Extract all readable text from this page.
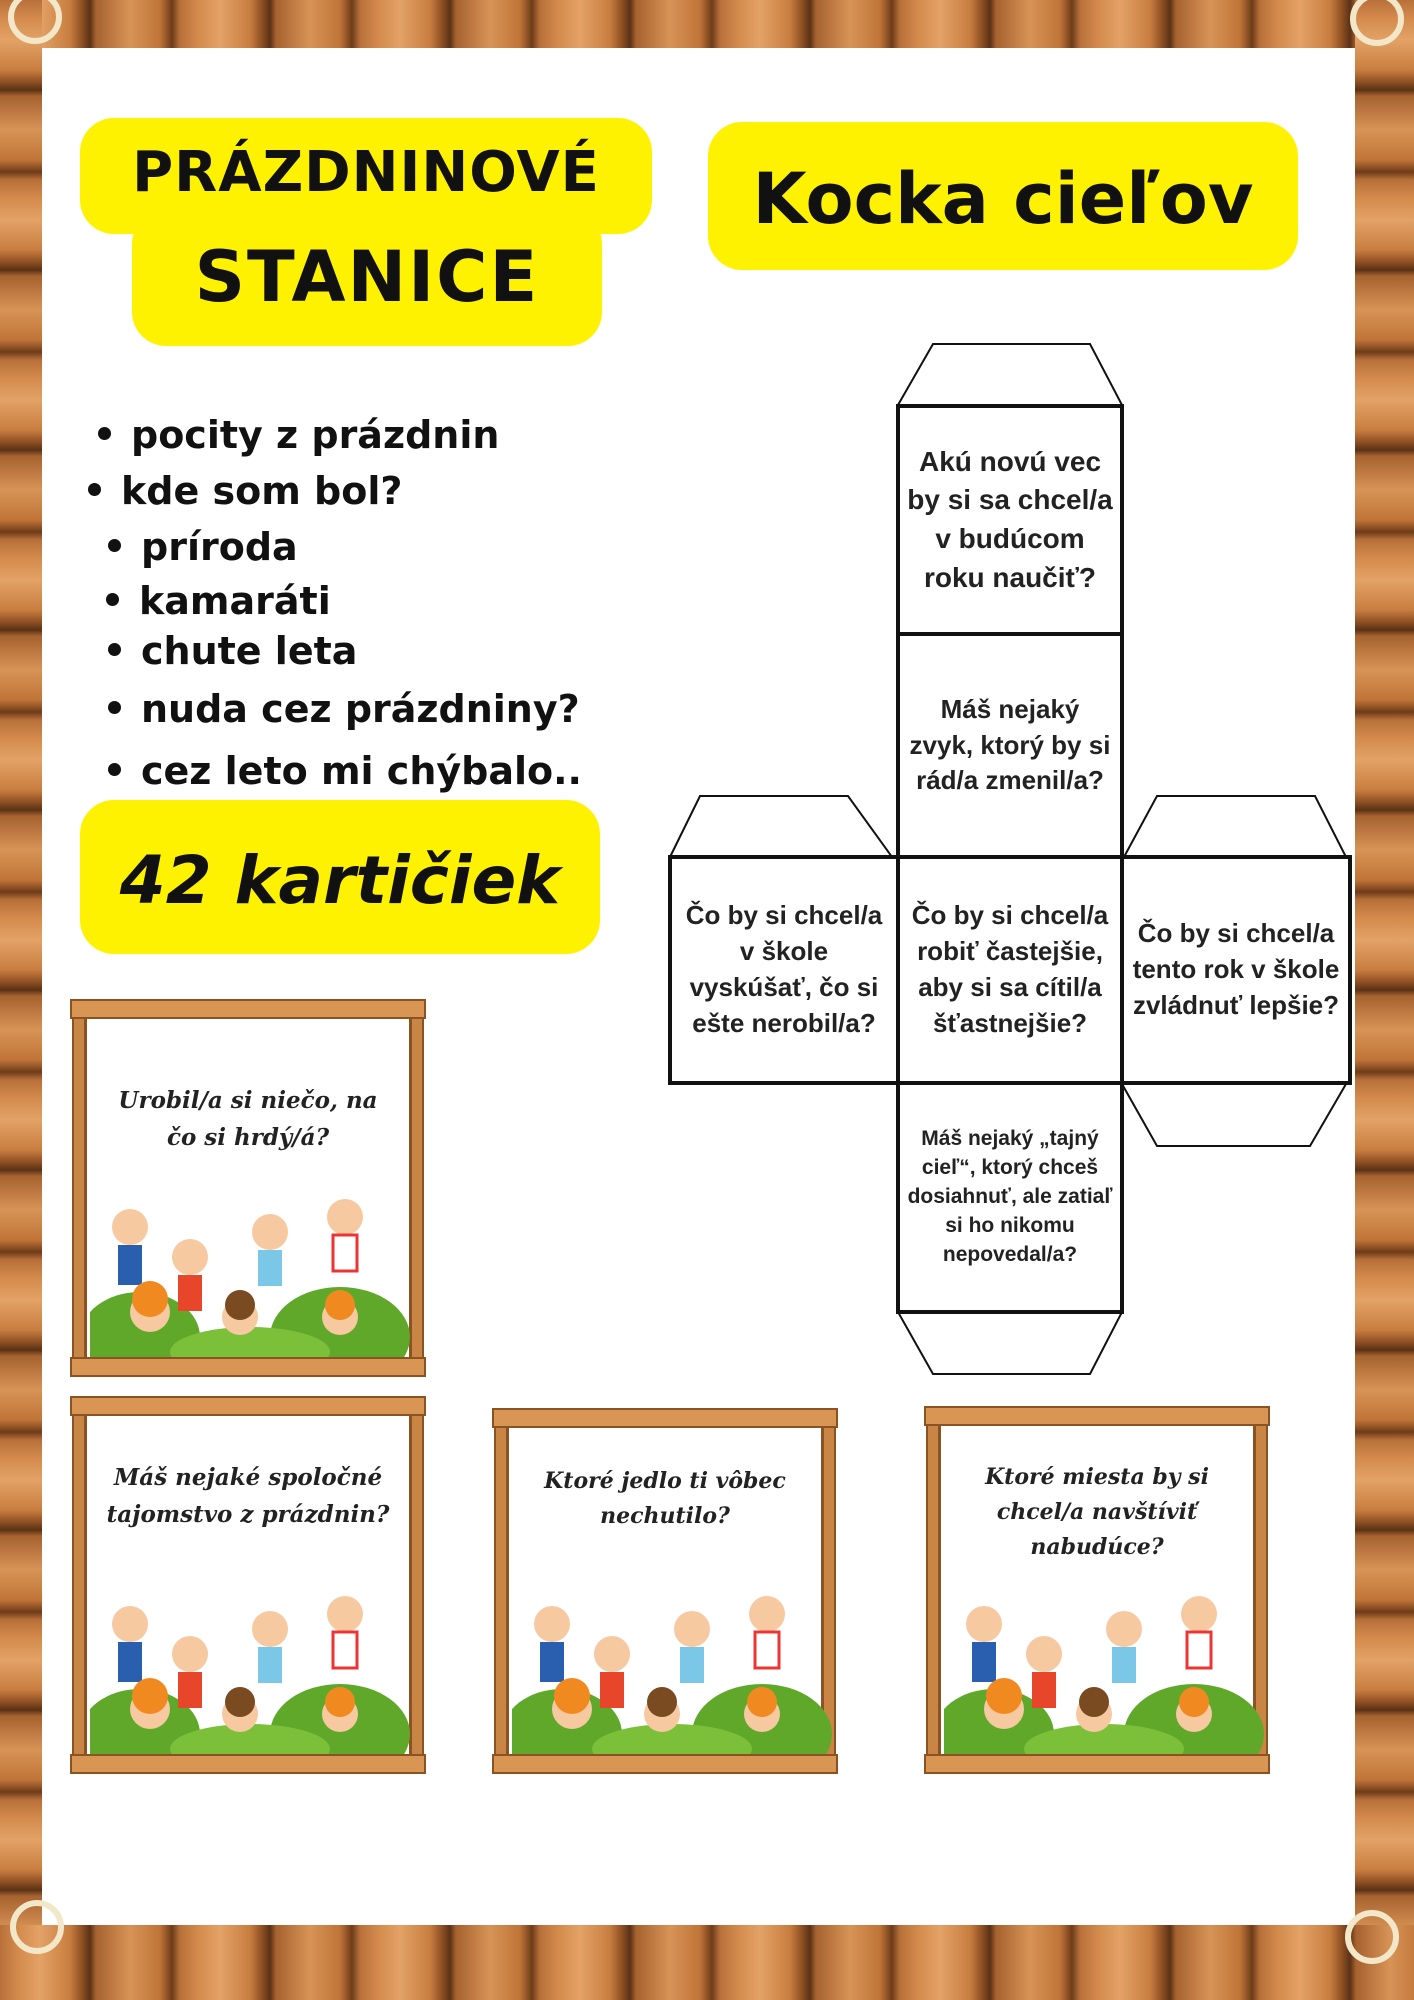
PRÁZDNINOVÉ
STANICE
Kocka cieľov
pocity z prázdnin
kde som bol?
príroda
kamaráti
chute leta
nuda cez prázdniny?
cez leto mi chýbalo..
42 kartičiek
Akú novú vec by si sa chcel/a v budúcom roku naučiť?
Máš nejaký zvyk, ktorý by si rád/a zmenil/a?
Čo by si chcel/a v škole vyskúšať, čo si ešte nerobil/a?
Čo by si chcel/a robiť častejšie, aby si sa cítil/a šťastnejšie?
Čo by si chcel/a tento rok v škole zvládnuť lepšie?
Máš nejaký „tajný cieľ“, ktorý chceš dosiahnuť, ale zatiaľ si ho nikomu nepovedal/a?
Urobil/a si niečo, na čo si hrdý/á?
Máš nejaké spoločné tajomstvo z prázdnin?
Ktoré jedlo ti vôbec nechutilo?
Ktoré miesta by si chcel/a navštíviť nabudúce?
